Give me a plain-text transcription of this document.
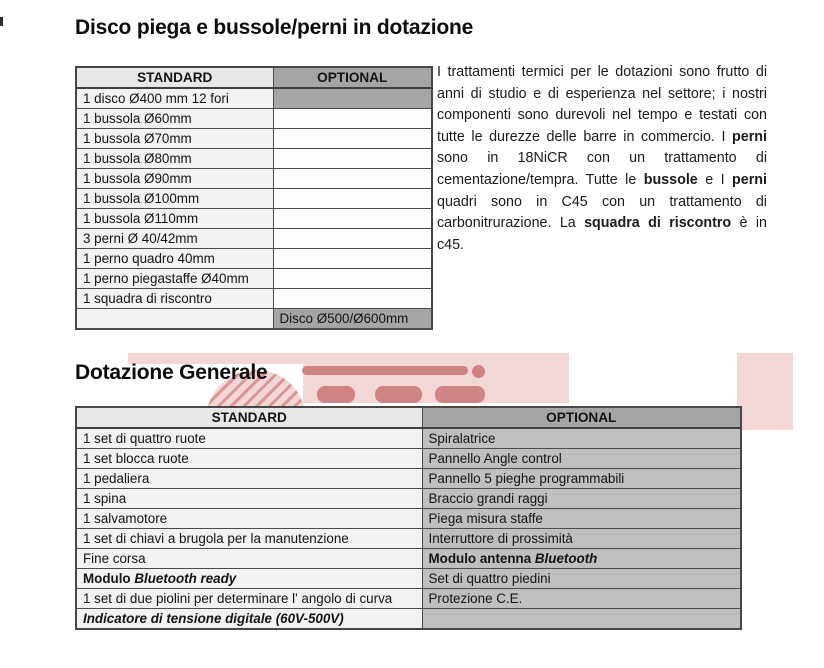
Disco piega e bussole/perni in dotazione
STANDARD	OPTIONAL
1 disco Ø400 mm 12 fori	
1 bussola Ø60mm	
1 bussola Ø70mm	
1 bussola Ø80mm	
1 bussola Ø90mm	
1 bussola Ø100mm	
1 bussola Ø110mm	
3 perni Ø 40/42mm	
1 perno quadro 40mm	
1 perno piegastaffe Ø40mm	
1 squadra di riscontro	
	Disco Ø500/Ø600mm
I trattamenti termici per le dotazioni sono frutto di anni di studio e di esperienza nel settore; i nostri componenti sono durevoli nel tempo e testati con tutte le durezze delle barre in commercio. I perni sono in 18NiCR con un trattamento di cementazione/tempra. Tutte le bussole e I perni quadri sono in C45 con un trattamento di carbonitrurazione. La squadra di riscontro è in c45.
Dotazione Generale
STANDARD	OPTIONAL
1 set di quattro ruote	Spiralatrice
1 set blocca ruote	Pannello Angle control
1 pedaliera	Pannello 5 pieghe programmabili
1 spina	Braccio grandi raggi
1 salvamotore	Piega misura staffe
1 set di chiavi a brugola per la manutenzione	Interruttore di prossimità
Fine corsa	Modulo antenna Bluetooth
Modulo Bluetooth ready	Set di quattro piedini
1 set di due piolini per determinare l' angolo di curva	Protezione C.E.
Indicatore di tensione digitale (60V-500V)	
